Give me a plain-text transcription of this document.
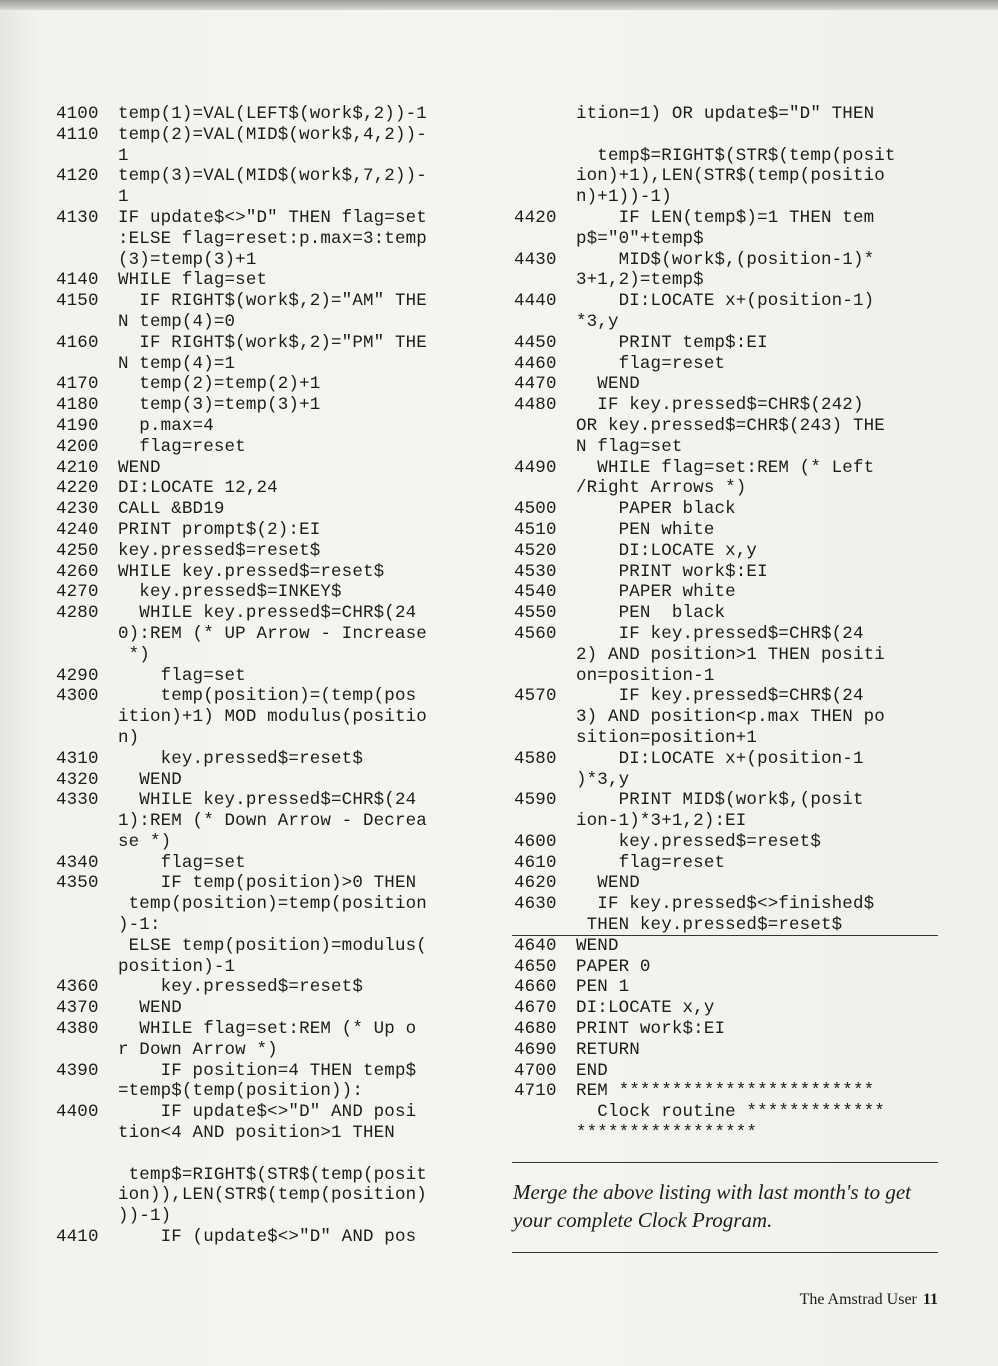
4100 temp(1)=VAL(LEFT$(work$,2))-1
4110 temp(2)=VAL(MID$(work$,4,2))-
1
4120 temp(3)=VAL(MID$(work$,7,2))-
1
4130 IF update$<>"D" THEN flag=set
:ELSE flag=reset:p.max=3:temp
(3)=temp(3)+1
4140 WHILE flag=set
4150 IF RIGHT$(work$,2)="AM" THE
N temp(4)=0
4160 IF RIGHT$(work$,2)="PM" THE
N temp(4)=1
4170 temp(2)=temp(2)+1
4180 temp(3)=temp(3)+1
4190 p.max=4
4200 flag=reset
4210 WEND
4220 DI:LOCATE 12,24
4230 CALL &BD19
4240 PRINT prompt$(2):EI
4250 key.pressed$=reset$
4260 WHILE key.pressed$=reset$
4270 key.pressed$=INKEY$
4280 WHILE key.pressed$=CHR$(24
0):REM (* UP Arrow - Increase
*)
4290 flag=set
4300 temp(position)=(temp(pos
ition)+1) MOD modulus(positio
n)
4310 key.pressed$=reset$
4320 WEND
4330 WHILE key.pressed$=CHR$(24
1):REM (* Down Arrow - Decrea
se *)
4340 flag=set
4350 IF temp(position)>0 THEN
temp(position)=temp(position
)-1:
ELSE temp(position)=modulus(
position)-1
4360 key.pressed$=reset$
4370 WEND
4380 WHILE flag=set:REM (* Up o
r Down Arrow *)
4390 IF position=4 THEN temp$
=temp$(temp(position)):
4400 IF update$<>"D" AND posi
tion<4 AND position>1 THEN
temp$=RIGHT$(STR$(temp(posit
ion)),LEN(STR$(temp(position)
))-1)
4410 IF (update$<>"D" AND pos
ition=1) OR update$="D" THEN
temp$=RIGHT$(STR$(temp(posit
ion)+1),LEN(STR$(temp(positio
n)+1))-1)
4420 IF LEN(temp$)=1 THEN tem
p$="0"+temp$
4430 MID$(work$,(position-1)*
3+1,2)=temp$
4440 DI:LOCATE x+(position-1)
*3,y
4450 PRINT temp$:EI
4460 flag=reset
4470 WEND
4480 IF key.pressed$=CHR$(242)
OR key.pressed$=CHR$(243) THE
N flag=set
4490 WHILE flag=set:REM (* Left
/Right Arrows *)
4500 PAPER black
4510 PEN white
4520 DI:LOCATE x,y
4530 PRINT work$:EI
4540 PAPER white
4550 PEN  black
4560 IF key.pressed$=CHR$(24
2) AND position>1 THEN positi
on=position-1
4570 IF key.pressed$=CHR$(24
3) AND position<p.max THEN po
sition=position+1
4580 DI:LOCATE x+(position-1
)*3,y
4590 PRINT MID$(work$,(posit
ion-1)*3+1,2):EI
4600 key.pressed$=reset$
4610 flag=reset
4620 WEND
4630 IF key.pressed$<>finished$
THEN key.pressed$=reset$
4640 WEND
4650 PAPER 0
4660 PEN 1
4670 DI:LOCATE x,y
4680 PRINT work$:EI
4690 RETURN
4700 END
4710 REM ************************
Clock routine *************
*****************
Merge the above listing with last month's to get your complete Clock Program.
The Amstrad User 11
